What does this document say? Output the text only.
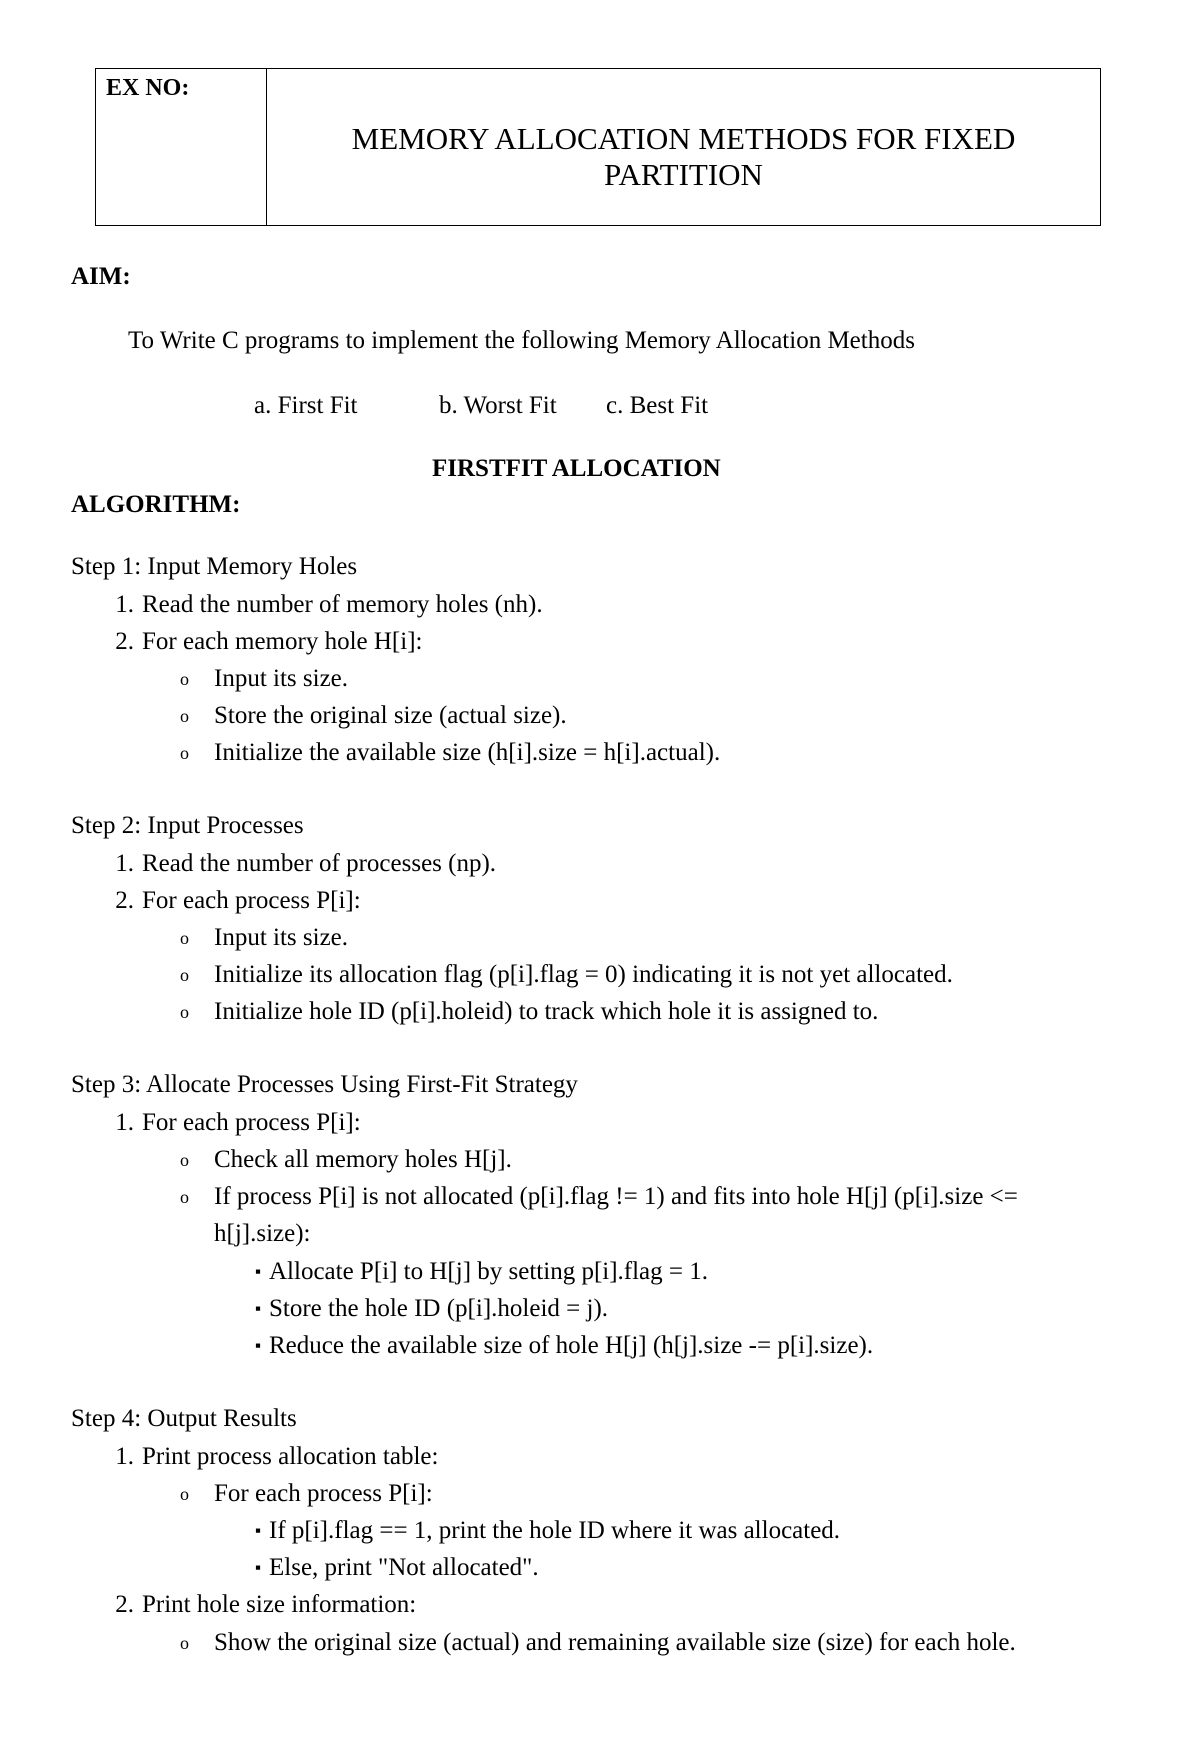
EX NO:	
MEMORY ALLOCATION METHODS FOR FIXED
PARTITION
AIM:
To Write C programs to implement the following Memory Allocation Methods
a. First Fit	b. Worst Fit c. Best Fit
FIRSTFIT ALLOCATION
ALGORITHM:
Step 1: Input Memory Holes
1. Read the number of memory holes (nh).
2. For each memory hole H[i]:
o Input its size.
o Store the original size (actual size).
o Initialize the available size (h[i].size = h[i].actual).
Step 2: Input Processes
1. Read the number of processes (np).
2. For each process P[i]:
o Input its size.
o Initialize its allocation flag (p[i].flag = 0) indicating it is not yet allocated.
o Initialize hole ID (p[i].holeid) to track which hole it is assigned to.
Step 3: Allocate Processes Using First-Fit Strategy
1. For each process P[i]:
o Check all memory holes H[j].
o If process P[i] is not allocated (p[i].flag != 1) and fits into hole H[j] (p[i].size <=
h[j].size):
▪ Allocate P[i] to H[j] by setting p[i].flag = 1.
▪ Store the hole ID (p[i].holeid = j).
▪ Reduce the available size of hole H[j] (h[j].size -= p[i].size).
Step 4: Output Results
1. Print process allocation table:
o For each process P[i]:
▪ If p[i].flag == 1, print the hole ID where it was allocated.
▪ Else, print "Not allocated".
2. Print hole size information:
o Show the original size (actual) and remaining available size (size) for each hole.
